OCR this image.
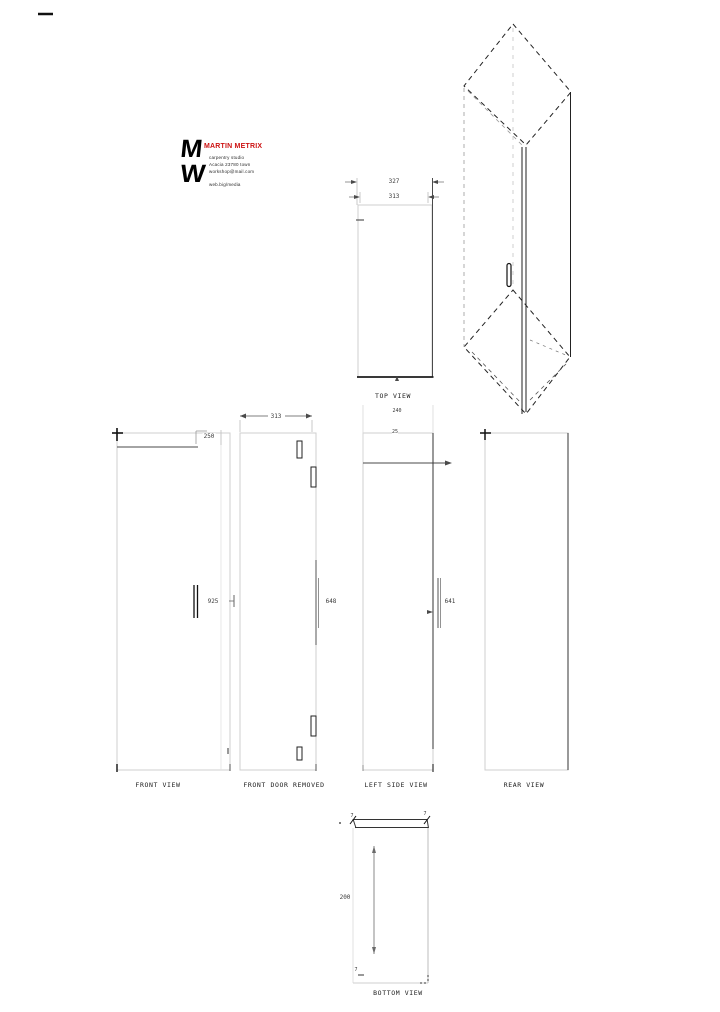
M
W
MARTIN METRIX
carpentry studio
Acacia 23780 town
workshop@mail.com
web.big/media	327
313
250
925
313
648
240
25
641
200
7	7
7
TOP VIEW
FRONT VIEW	FRONT DOOR REMOVED	LEFT SIDE VIEW	REAR VIEW
BOTTOM VIEW
